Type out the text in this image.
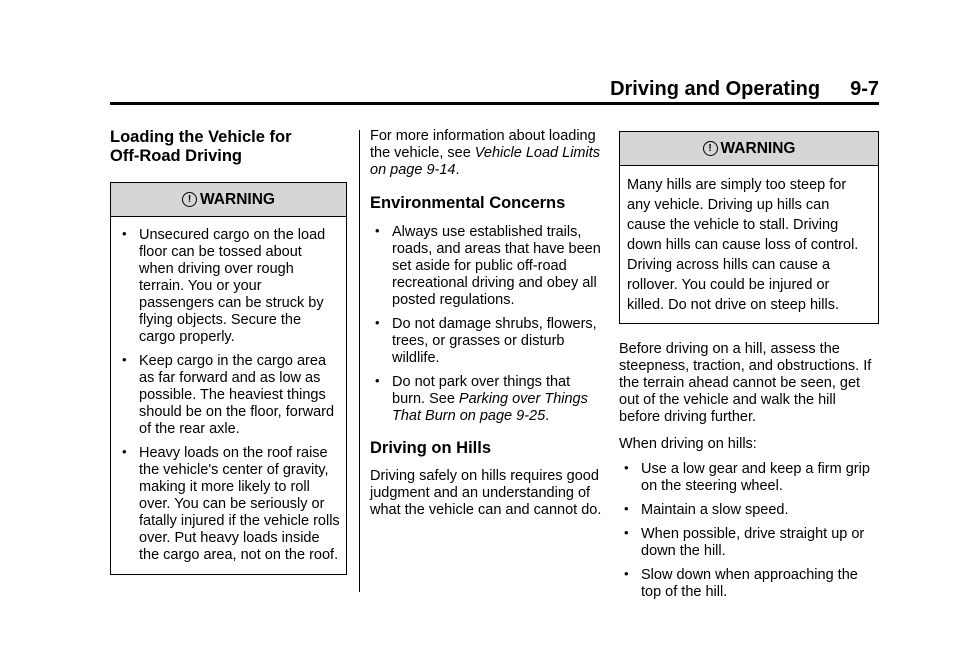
Driving and Operating 9-7
Loading the Vehicle for
Off-Road Driving
! WARNING
• Unsecured cargo on the load floor can be tossed about when driving over rough terrain. You or your passengers can be struck by flying objects. Secure the cargo properly.
• Keep cargo in the cargo area as far forward and as low as possible. The heaviest things should be on the floor, forward of the rear axle.
• Heavy loads on the roof raise the vehicle's center of gravity, making it more likely to roll over. You can be seriously or fatally injured if the vehicle rolls over. Put heavy loads inside the cargo area, not on the roof.

For more information about loading the vehicle, see Vehicle Load Limits on page 9-14.

Environmental Concerns
• Always use established trails, roads, and areas that have been set aside for public off-road recreational driving and obey all posted regulations.
• Do not damage shrubs, flowers, trees, or grasses or disturb wildlife.
• Do not park over things that burn. See Parking over Things That Burn on page 9-25.
Driving on Hills

Driving safely on hills requires good judgment and an understanding of what the vehicle can and cannot do.

! WARNING

Many hills are simply too steep for any vehicle. Driving up hills can cause the vehicle to stall. Driving down hills can cause loss of control. Driving across hills can cause a rollover. You could be injured or killed. Do not drive on steep hills.

Before driving on a hill, assess the steepness, traction, and obstructions. If the terrain ahead cannot be seen, get out of the vehicle and walk the hill before driving further.

When driving on hills:

• Use a low gear and keep a firm grip on the steering wheel.
• Maintain a slow speed.
• When possible, drive straight up or down the hill.
• Slow down when approaching the top of the hill.
